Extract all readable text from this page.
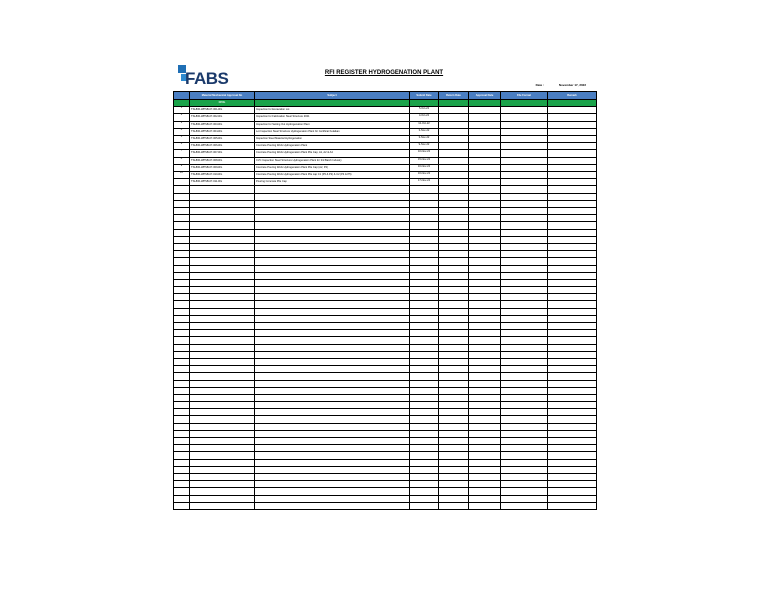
FABS	RFI REGISTER HYDROGENATION PLANT
Date :	November 17, 2022
	Material Mechanical Approval No	Subject	Submit Date	Return Date	Approval Date	File Format	Remark
	CIVIL						
1	TSL800-WPSB-07-001-RG	Inspection for Excavation Lot	5-Oct-22				
2	TSL800-WPSB-07-002-RG	Inspection for Fabrication Steel Structure 2021	4-Oct-22				
3	TSL800-WPSB-07-003-RG	Inspection for Setting Out Hydrogenation Plant	12-Oct-22				
4	TSL800-WPSB-07-004-RG	Lot Inspection Steel Structure Hydrogenation Plant for Certificat Kelaikan	3-Nov-22				
5	TSL800-WPSB-07-005-RG	Inspection Steel Material Hydrogenation	3-Nov-22				
6	TSL800-WPSB-07-006-RG	Concrete Pouring Work Hydrogenation Plant	9-Nov-22				
7	TSL800-WPSB-07-007-RG	Concrete Pouring Work Hydrogenation Plant Pile Cap, A1, A2 & A4	10-Nov-22				
8	TSL800-WPSB-07-008-RG	CVC Inspection Steel Structure Hydrogenation Plant for 3rd Batch Industry	15-Nov-22				
9	TSL800-WPSB-07-009-RG	Concrete Pouring Work Hydrogenation Plant Pile Cap (A2, P2)	16-Nov-22				
10	TSL800-WPSB-07-010-RG	Concrete Pouring Work Hydrogenation Plant Pile cap C1 (P3 & P2) & C2 (P4 & P5)	16-Nov-22				
	TSL800-WPSB-07-011-RG	Pouring Concrete Pile Cap	17-Nov-22				
